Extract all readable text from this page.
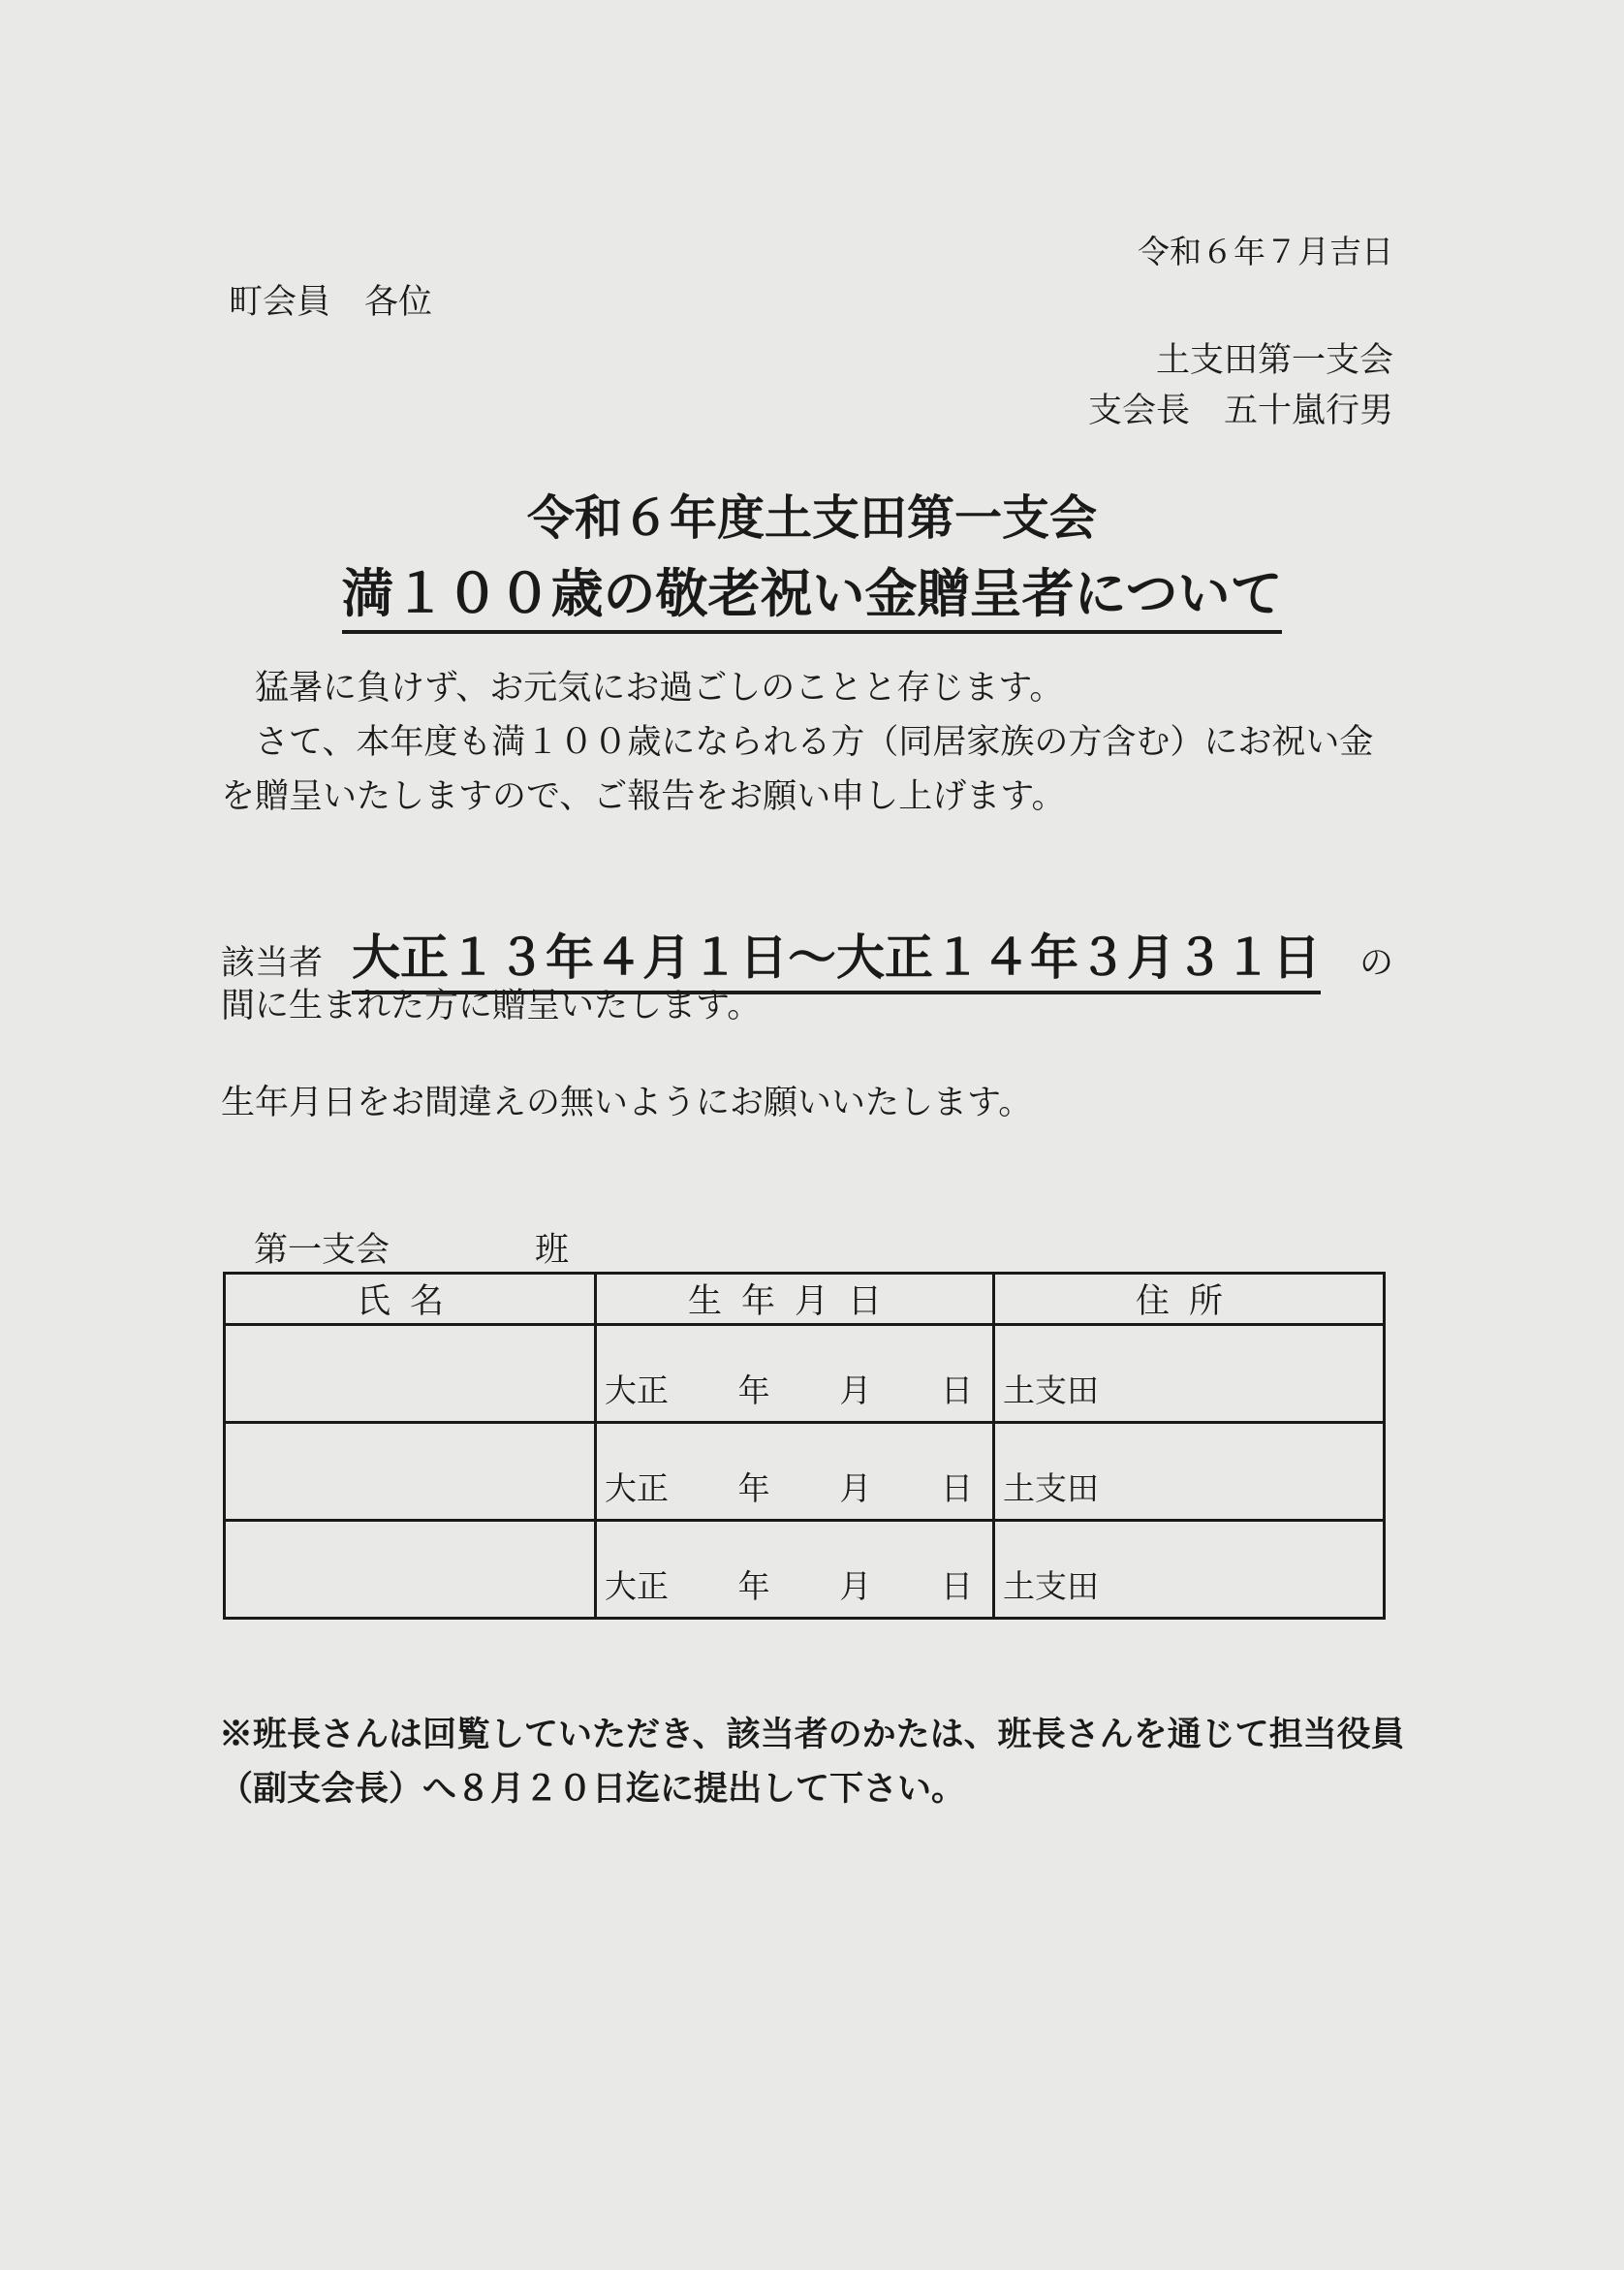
令和６年７月吉日
町会員　各位
土支田第一支会
支会長　五十嵐行男
令和６年度土支田第一支会
満１００歳の敬老祝い金贈呈者について
　猛暑に負けず、お元気にお過ごしのことと存じます。
　さて、本年度も満１００歳になられる方（同居家族の方含む）にお祝い金を贈呈いたしますので、ご報告をお願い申し上げます。
該当者 大正１３年４月１日～大正１４年３月３１日 の
間に生まれた方に贈呈いたします。
生年月日をお間違えの無いようにお願いいたします。
第一支会	班
氏名	生年月日	住所

	大正 年 月 日	土支田

	大正 年 月 日	土支田

	大正 年 月 日	土支田
※班長さんは回覧していただき、該当者のかたは、班長さんを通じて担当役員（副支会長）へ８月２０日迄に提出して下さい。
